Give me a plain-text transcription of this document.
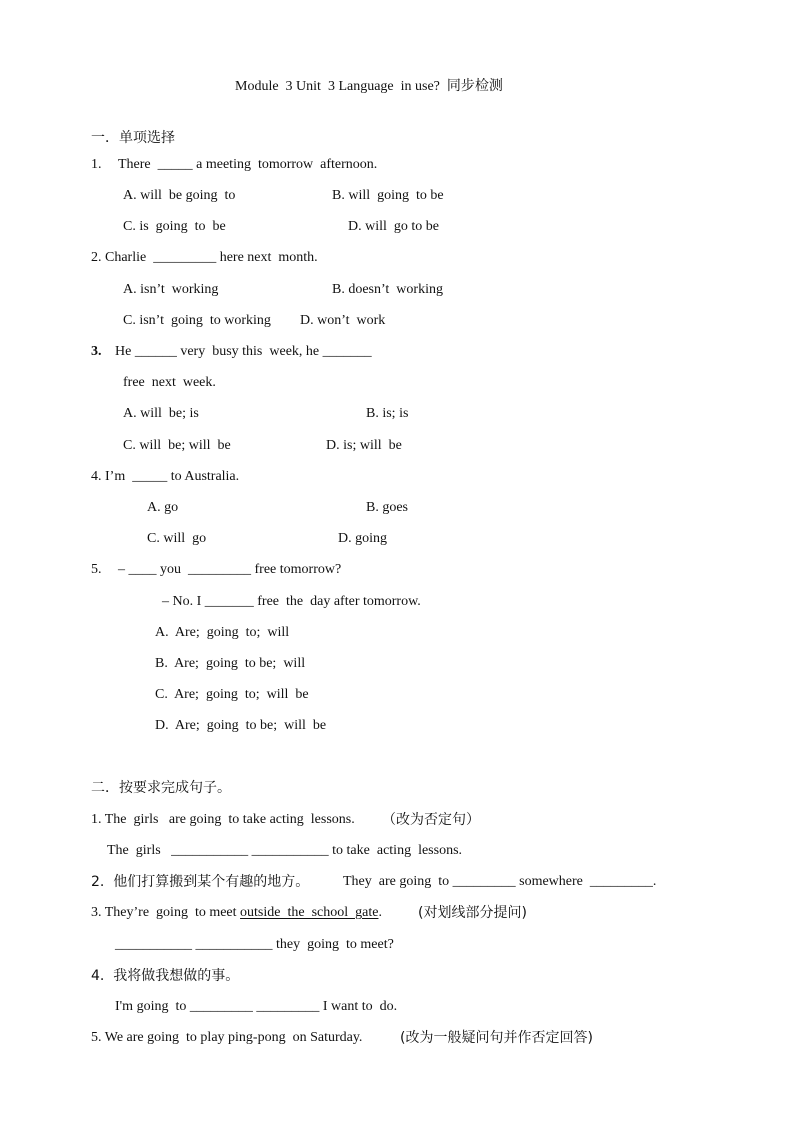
Module  3 Unit  3 Language  in use?  同步检测
一．单项选择
1. There  _____ a meeting  tomorrow  afternoon.
A. will  be going  to	B. will  going  to be
C. is  going  to  be	D. will  go to be
2. Charlie  _________ here next  month.
A. isn’t  working	B. doesn’t  working
C. isn’t  going  to working D. won’t  work
3. He ______ very  busy this  week, he _______
free  next  week.
A. will  be; is	B. is; is
C. will  be; will  be	D. is; will  be
4. I’m  _____ to Australia.
A. go	B. goes
C. will  go	D. going
5. – ____ you  _________ free tomorrow?
– No. I _______ free  the  day after tomorrow.
A.  Are;  going  to;  will
B.  Are;  going  to be;  will
C.  Are;  going  to;  will  be
D.  Are;  going  to be;  will  be
二．按要求完成句子。
1. The  girls   are going  to take acting  lessons. （改为否定句）
The  girls   ___________ ___________ to take  acting  lessons.
2.  他们打算搬到某个有趣的地方。 They  are going  to _________ somewhere  _________.
3. They’re  going  to meet outside  the  school  gate.	(对划线部分提问)
___________ ___________ they  going  to meet?
4.  我将做我想做的事。
I'm going  to _________ _________ I want to  do.
5. We are going  to play ping-pong  on Saturday.	(改为一般疑问句并作否定回答)
